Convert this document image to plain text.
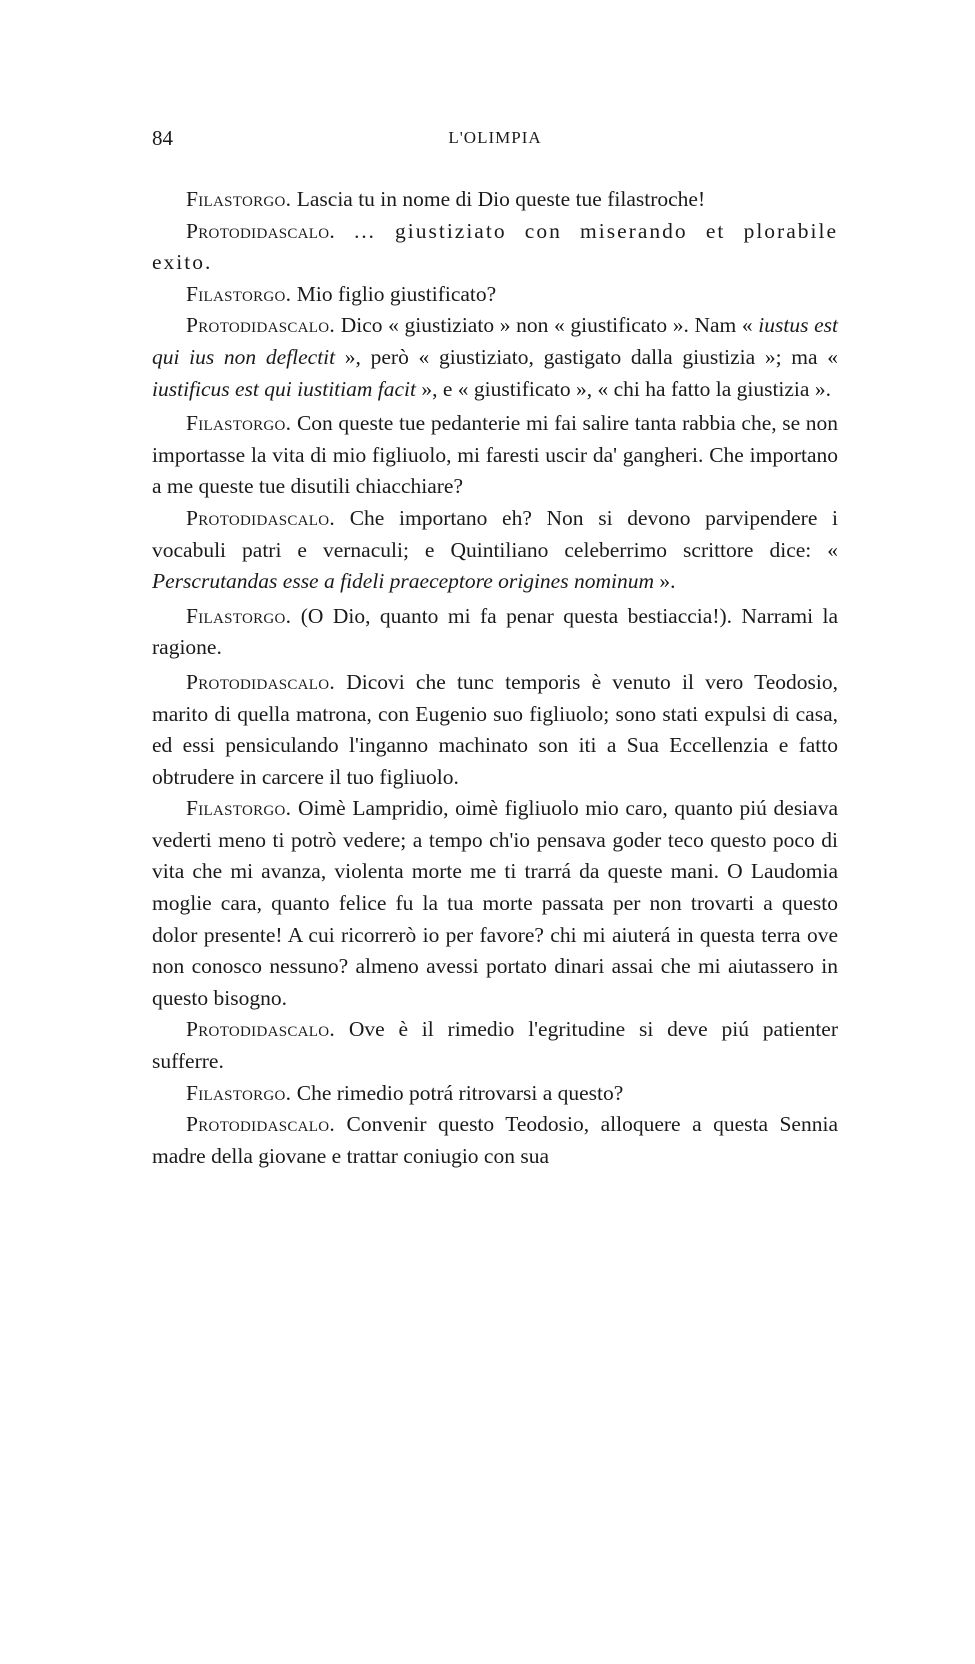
84	L'OLIMPIA

Filastorgo. Lascia tu in nome di Dio queste tue filastroche!

Protodidascalo. … giustiziato con miserando et plorabile exito.

Filastorgo. Mio figlio giustificato?

Protodidascalo. Dico « giustiziato » non « giustificato ». Nam « iustus est qui ius non deflectit », però « giustiziato, gastigato dalla giustizia »; ma « iustificus est qui iustitiam facit », e « giustificato », « chi ha fatto la giustizia ».

Filastorgo. Con queste tue pedanterie mi fai salire tanta rabbia che, se non importasse la vita di mio figliuolo, mi faresti uscir da' gangheri. Che importano a me queste tue disutili chiacchiare?

Protodidascalo. Che importano eh? Non si devono parvipendere i vocabuli patri e vernaculi; e Quintiliano celeberrimo scrittore dice: « Perscrutandas esse a fideli praeceptore origines nominum ».

Filastorgo. (O Dio, quanto mi fa penar questa bestiaccia!). Narrami la ragione.

Protodidascalo. Dicovi che tunc temporis è venuto il vero Teodosio, marito di quella matrona, con Eugenio suo figliuolo; sono stati expulsi di casa, ed essi pensiculando l'inganno machinato son iti a Sua Eccellenzia e fatto obtrudere in carcere il tuo figliuolo.

Filastorgo. Oimè Lampridio, oimè figliuolo mio caro, quanto piú desiava vederti meno ti potrò vedere; a tempo ch'io pensava goder teco questo poco di vita che mi avanza, violenta morte me ti trarrá da queste mani. O Laudomia moglie cara, quanto felice fu la tua morte passata per non trovarti a questo dolor presente! A cui ricorrerò io per favore? chi mi aiuterá in questa terra ove non conosco nessuno? almeno avessi portato dinari assai che mi aiutassero in questo bisogno.

Protodidascalo. Ove è il rimedio l'egritudine si deve piú patienter sufferre.

Filastorgo. Che rimedio potrá ritrovarsi a questo?

Protodidascalo. Convenir questo Teodosio, alloquere a questa Sennia madre della giovane e trattar coniugio con sua
